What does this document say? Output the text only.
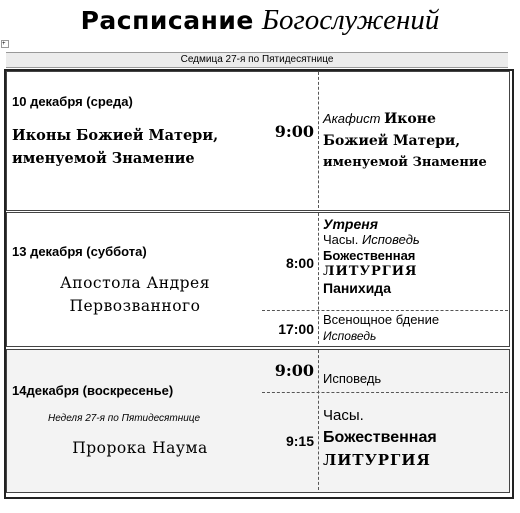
Расписание Богослужений
+
Седмица 27-я по Пятидесятнице
10 декабря (среда)
Иконы Божией Матери,
именуемой Знамение
9:00
Акафист Иконе
Божией Матери,
именуемой Знамение
13 декабря (суббота)
Апостола Андрея
Первозванного
8:00
Утреня
Часы. Исповедь
Божественная
ЛИТУРГИЯ
Панихида
17:00
Всенощное бдение
Исповедь
14декабря (воскресенье)
Неделя 27-я по Пятидесятнице
Пророка Наума
9:00 Исповедь
9:15
Часы.
Божественная
ЛИТУРГИЯ
